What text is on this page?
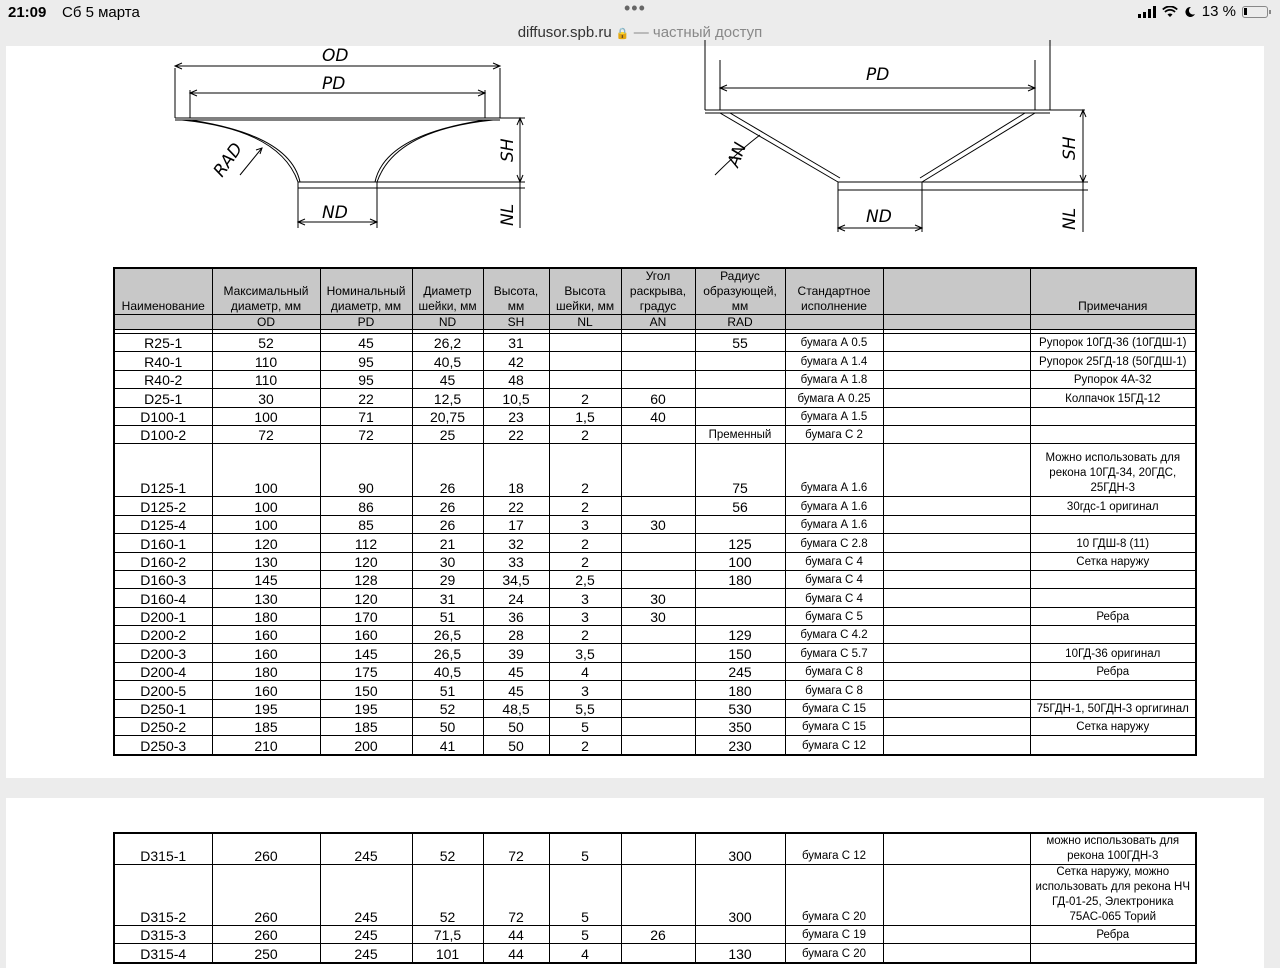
21:09 Сб 5 марта	•••	13 %
diffusor.spb.ru 🔒 — частный доступ
OD
PD
RAD	SH
ND	NL
PD
AN	SH
ND	NL
Наименование	Максимальный диаметр, мм	Номинальный диаметр, мм	Диаметр шейки, мм	Высота, мм	Высота шейки, мм	Угол раскрыва, градус	Радиус образующей, мм	Стандартное исполнение		Примечания
	OD	PD	ND	SH	NL	AN	RAD			

R25-1	52	45	26,2	31			55	бумага А 0.5		Рупорок 10ГД-36 (10ГДШ-1)
R40-1	110	95	40,5	42				бумага А 1.4		Рупорок 25ГД-18 (50ГДШ-1)
R40-2	110	95	45	48				бумага А 1.8		Рупорок 4А-32
D25-1	30	22	12,5	10,5	2	60		бумага А 0.25		Колпачок 15ГД-12
D100-1	100	71	20,75	23	1,5	40		бумага А 1.5		
D100-2	72	72	25	22	2		Пременный	бумага С 2		
D125-1	100	90	26	18	2		75	бумага А 1.6		Можно использовать для рекона 10ГД-34, 20ГДС, 25ГДН-3
D125-2	100	86	26	22	2		56	бумага А 1.6		30гдс-1 оригинал
D125-4	100	85	26	17	3	30		бумага А 1.6		
D160-1	120	112	21	32	2		125	бумага С 2.8		10 ГДШ-8 (11)
D160-2	130	120	30	33	2		100	бумага С 4		Сетка наружу
D160-3	145	128	29	34,5	2,5		180	бумага С 4		
D160-4	130	120	31	24	3	30		бумага С 4		
D200-1	180	170	51	36	3	30		бумага С 5		Ребра
D200-2	160	160	26,5	28	2		129	бумага С 4.2		
D200-3	160	145	26,5	39	3,5		150	бумага С 5.7		10ГД-36 оригинал
D200-4	180	175	40,5	45	4		245	бумага С 8		Ребра
D200-5	160	150	51	45	3		180	бумага С 8		
D250-1	195	195	52	48,5	5,5		530	бумага С 15		75ГДН-1, 50ГДН-3 оргигинал
D250-2	185	185	50	50	5		350	бумага С 15		Сетка наружу
D250-3	210	200	41	50	2		230	бумага С 12		
D315-1	260	245	52	72	5		300	бумага С 12		можно использовать для рекона 100ГДН-3
D315-2	260	245	52	72	5		300	бумага С 20		Сетка наружу, можно использовать для рекона НЧ ГД-01-25, Электроника 75АС-065 Торий
D315-3	260	245	71,5	44	5	26		бумага С 19		Ребра
D315-4	250	245	101	44	4		130	бумага С 20		
